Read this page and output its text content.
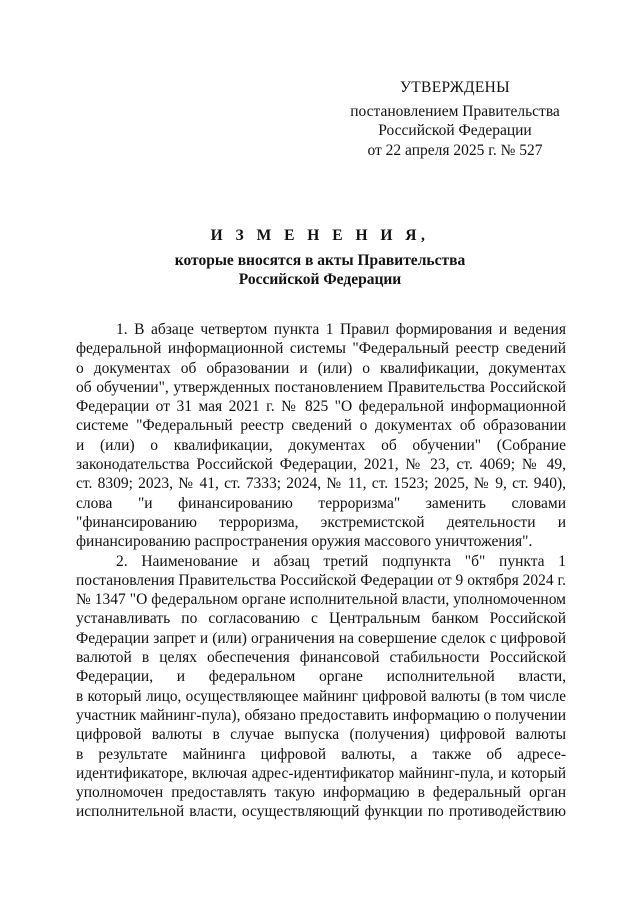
УТВЕРЖДЕНЫ
постановлением Правительства
Российской Федерации
от 22 апреля 2025 г. № 527
И З М Е Н Е Н И Я,
которые вносятся в акты Правительства
Российской Федерации
1. В абзаце четвертом пункта 1 Правил формирования и ведения
федеральной информационной системы "Федеральный реестр сведений
о документах об образовании и (или) о квалификации, документах
об обучении", утвержденных постановлением Правительства Российской
Федерации от 31 мая 2021 г. № 825 "О федеральной информационной
системе "Федеральный реестр сведений о документах об образовании
и (или) о квалификации, документах об обучении" (Собрание
законодательства Российской Федерации, 2021, № 23, ст. 4069; № 49,
ст. 8309; 2023, № 41, ст. 7333; 2024, № 11, ст. 1523; 2025, № 9, ст. 940),
слова "и финансированию терроризма" заменить словами
"финансированию терроризма, экстремистской деятельности и
финансированию распространения оружия массового уничтожения".
2. Наименование и абзац третий подпункта "б" пункта 1
постановления Правительства Российской Федерации от 9 октября 2024 г.
№ 1347 "О федеральном органе исполнительной власти, уполномоченном
устанавливать по согласованию с Центральным банком Российской
Федерации запрет и (или) ограничения на совершение сделок с цифровой
валютой в целях обеспечения финансовой стабильности Российской
Федерации, и федеральном органе исполнительной власти,
в который лицо, осуществляющее майнинг цифровой валюты (в том числе
участник майнинг-пула), обязано предоставить информацию о получении
цифровой валюты в случае выпуска (получения) цифровой валюты
в результате майнинга цифровой валюты, а также об адресе-
идентификаторе, включая адрес-идентификатор майнинг-пула, и который
уполномочен предоставлять такую информацию в федеральный орган
исполнительной власти, осуществляющий функции по противодействию
